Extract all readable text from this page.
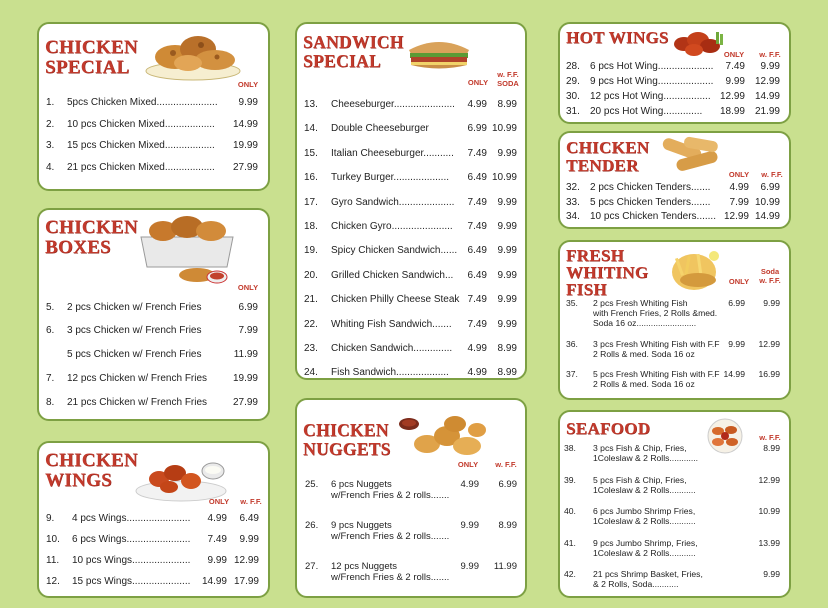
CHICKEN
SPECIAL
ONLY
1. 5pcs Chicken Mixed...................... 9.99
2. 10 pcs Chicken Mixed.................. 14.99
3. 15 pcs Chicken Mixed.................. 19.99
4. 21 pcs Chicken Mixed.................. 27.99
CHICKEN
BOXES
ONLY
5. 2 pcs Chicken w/ French Fries	6.99
6. 3 pcs Chicken w/ French Fries	7.99
5 pcs Chicken w/ French Fries	11.99
7. 12 pcs Chicken w/ French Fries	19.99
8. 21 pcs Chicken w/ French Fries	27.99
CHICKEN
WINGS
ONLY	w. F.F.
9. 4 pcs Wings....................... 4.99 6.49
10. 6 pcs Wings....................... 7.49 9.99
11. 10 pcs Wings..................... 9.99 12.99
12. 15 pcs Wings..................... 14.99 17.99
SANDWICH
SPECIAL
ONLY
w. F.F. SODA
13. Cheeseburger...................... 4.99 8.99
14. Double Cheeseburger	6.99 10.99
15. Italian Cheeseburger........... 7.49 9.99
16. Turkey Burger.................... 6.49 10.99
17. Gyro Sandwich.................... 7.49 9.99
18. Chicken Gyro...................... 7.49 9.99
19. Spicy Chicken Sandwich...... 6.49 9.99
20. Grilled Chicken Sandwich... 6.49 9.99
21. Chicken Philly Cheese Steak 7.49 9.99
22. Whiting Fish Sandwich....... 7.49 9.99
23. Chicken Sandwich.............. 4.99 8.99
24. Fish Sandwich................... 4.99 8.99
CHICKEN
NUGGETS
ONLY	w. F.F.
25. 6 pcs Nuggets
w/French Fries & 2 rolls.......
4.99 6.99
26. 9 pcs Nuggets
w/French Fries & 2 rolls.......
9.99 8.99
27. 12 pcs Nuggets
w/French Fries & 2 rolls.......
9.99 11.99
HOT WINGS
ONLY	w. F.F.
28. 6 pcs Hot Wing.................... 7.49 9.99
29. 9 pcs Hot Wing.................... 9.99 12.99
30. 12 pcs Hot Wing................. 12.99 14.99
31. 20 pcs Hot Wing.............. 18.99 21.99
CHICKEN
TENDER	ONLY	w. F.F.
32. 2 pcs Chicken Tenders....... 4.99 6.99
33. 5 pcs Chicken Tenders....... 7.99 10.99
34. 10 pcs Chicken Tenders....... 12.99 14.99
FRESH
WHITING
FISH	ONLY
Soda w. F.F.
35. 2 pcs Fresh Whiting Fish
with French Fries, 2 Rolls &med.
Soda 16 oz.........................
6.99 9.99
36. 3 pcs Fresh Whiting Fish with F.F
2 Rolls & med. Soda 16 oz
9.99 12.99
37. 5 pcs Fresh Whiting Fish with F.F
2 Rolls & med. Soda 16 oz
14.99 16.99
SEAFOOD	w. F.F.
38. 3 pcs Fish & Chip, Fries,
1Coleslaw & 2 Rolls............
8.99
39. 5 pcs Fish & Chip, Fries,
1Coleslaw & 2 Rolls...........
12.99
40. 6 pcs Jumbo Shrimp Fries,
1Coleslaw & 2 Rolls...........
10.99
41. 9 pcs Jumbo Shrimp, Fries,
1Coleslaw & 2 Rolls...........
13.99
42. 21 pcs Shrimp Basket, Fries,
& 2 Rolls, Soda...........
9.99
